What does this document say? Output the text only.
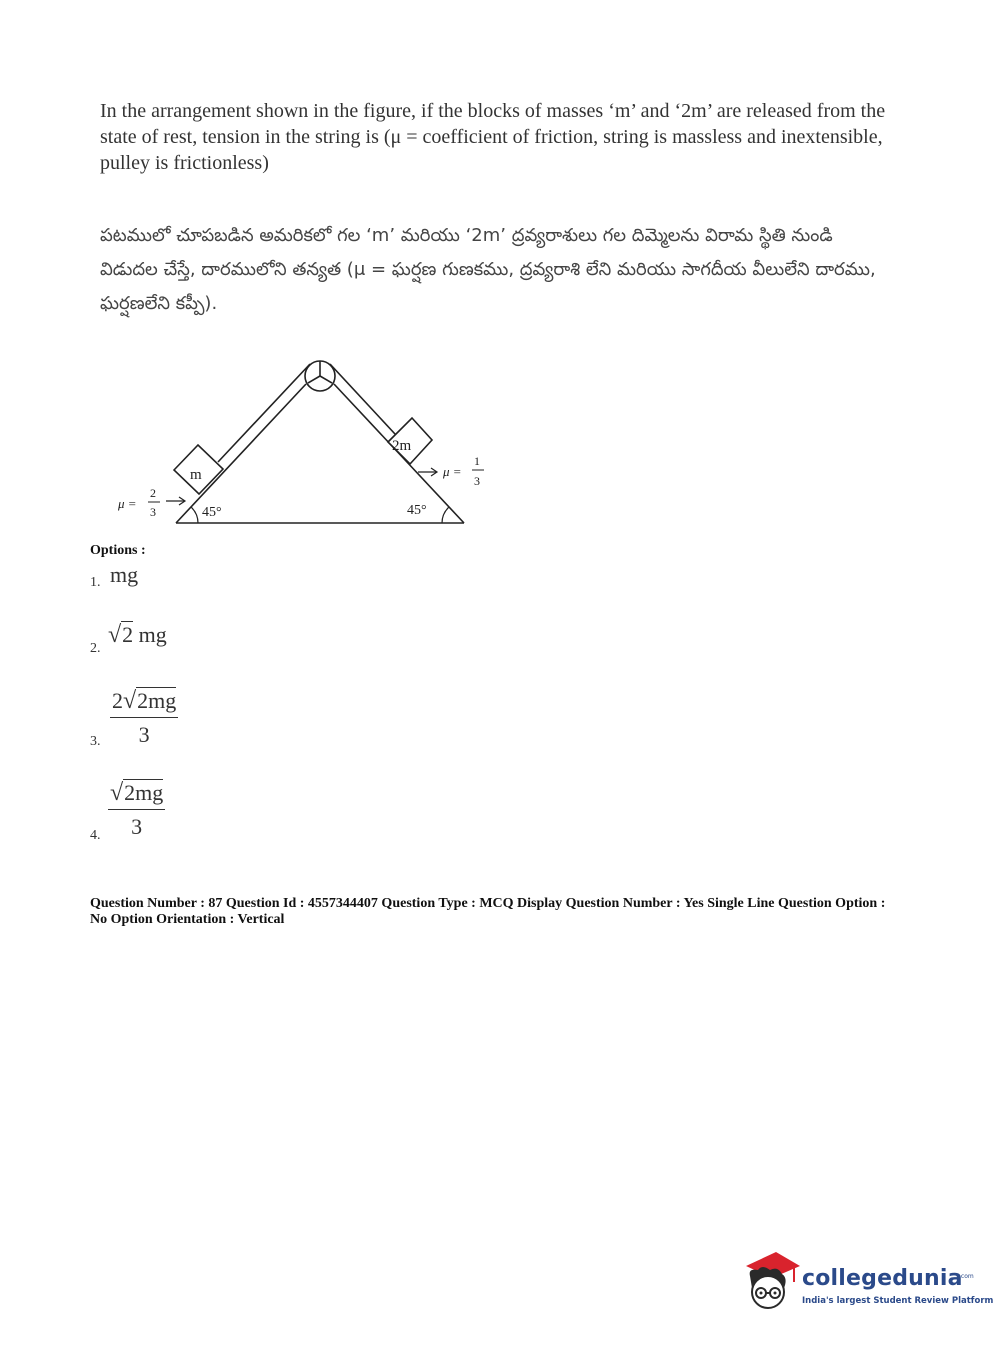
In the arrangement shown in the figure, if the blocks of masses ‘m’ and ‘2m’ are released from the state of rest, tension in the string is (μ = coefficient of friction, string is massless and inextensible, pulley is frictionless)
పటములో చూపబడిన అమరికలో గల ‘m’ మరియు ‘2m’ ద్రవ్యరాశులు గల దిమ్మెలను విరామ స్థితి నుండి విడుదల చేస్తే, దారములోని తన్యత (μ = ఘర్షణ గుణకము, ద్రవ్యరాశి లేని మరియు సాగదీయ వీలులేని దారము, ఘర్షణలేని కప్పీ).
m
2m
45°	45°
μ =
2
3
μ =
1
3
Options :
1. mg
2.
√2 mg
3. $\frac{2√2mg}{3}$
4. $\frac{√2mg}{3}$
Question Number : 87 Question Id : 4557344407 Question Type : MCQ Display Question Number : Yes Single Line Question Option : No Option Orientation : Vertical
collegedunia
.com
India's largest Student Review Platform
